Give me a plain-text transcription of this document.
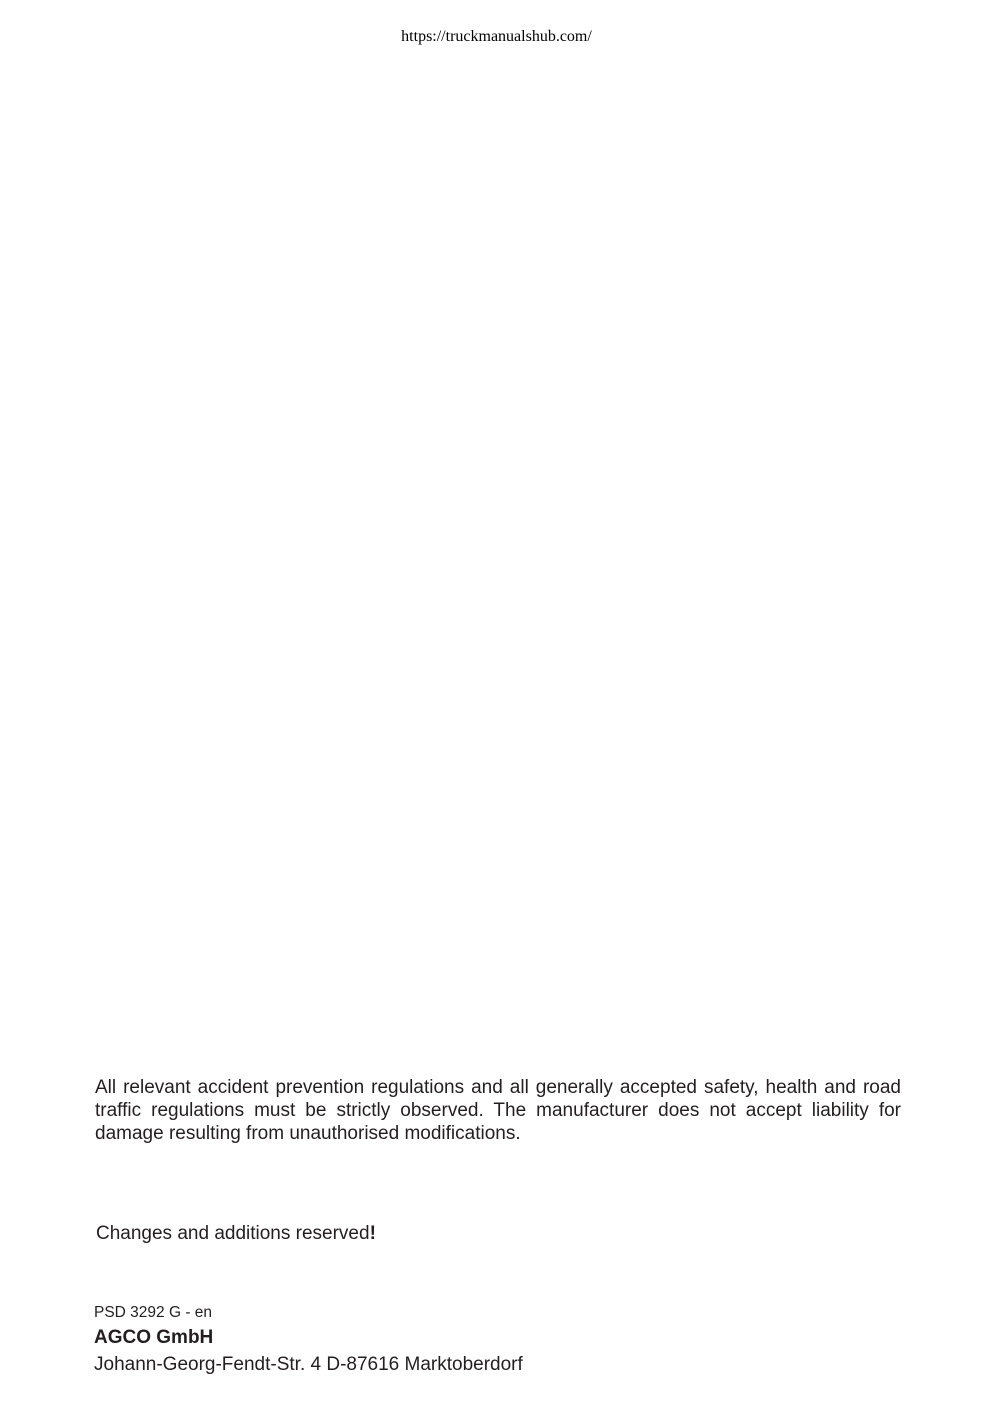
https://truckmanualshub.com/

All relevant accident prevention regulations and all generally accepted safety, health and road traffic regulations must be strictly observed. The manufacturer does not accept liability for damage resulting from unauthorised modifications.

Changes and additions reserved!

PSD 3292 G - en
AGCO GmbH
Johann-Georg-Fendt-Str. 4 D-87616 Marktoberdorf
